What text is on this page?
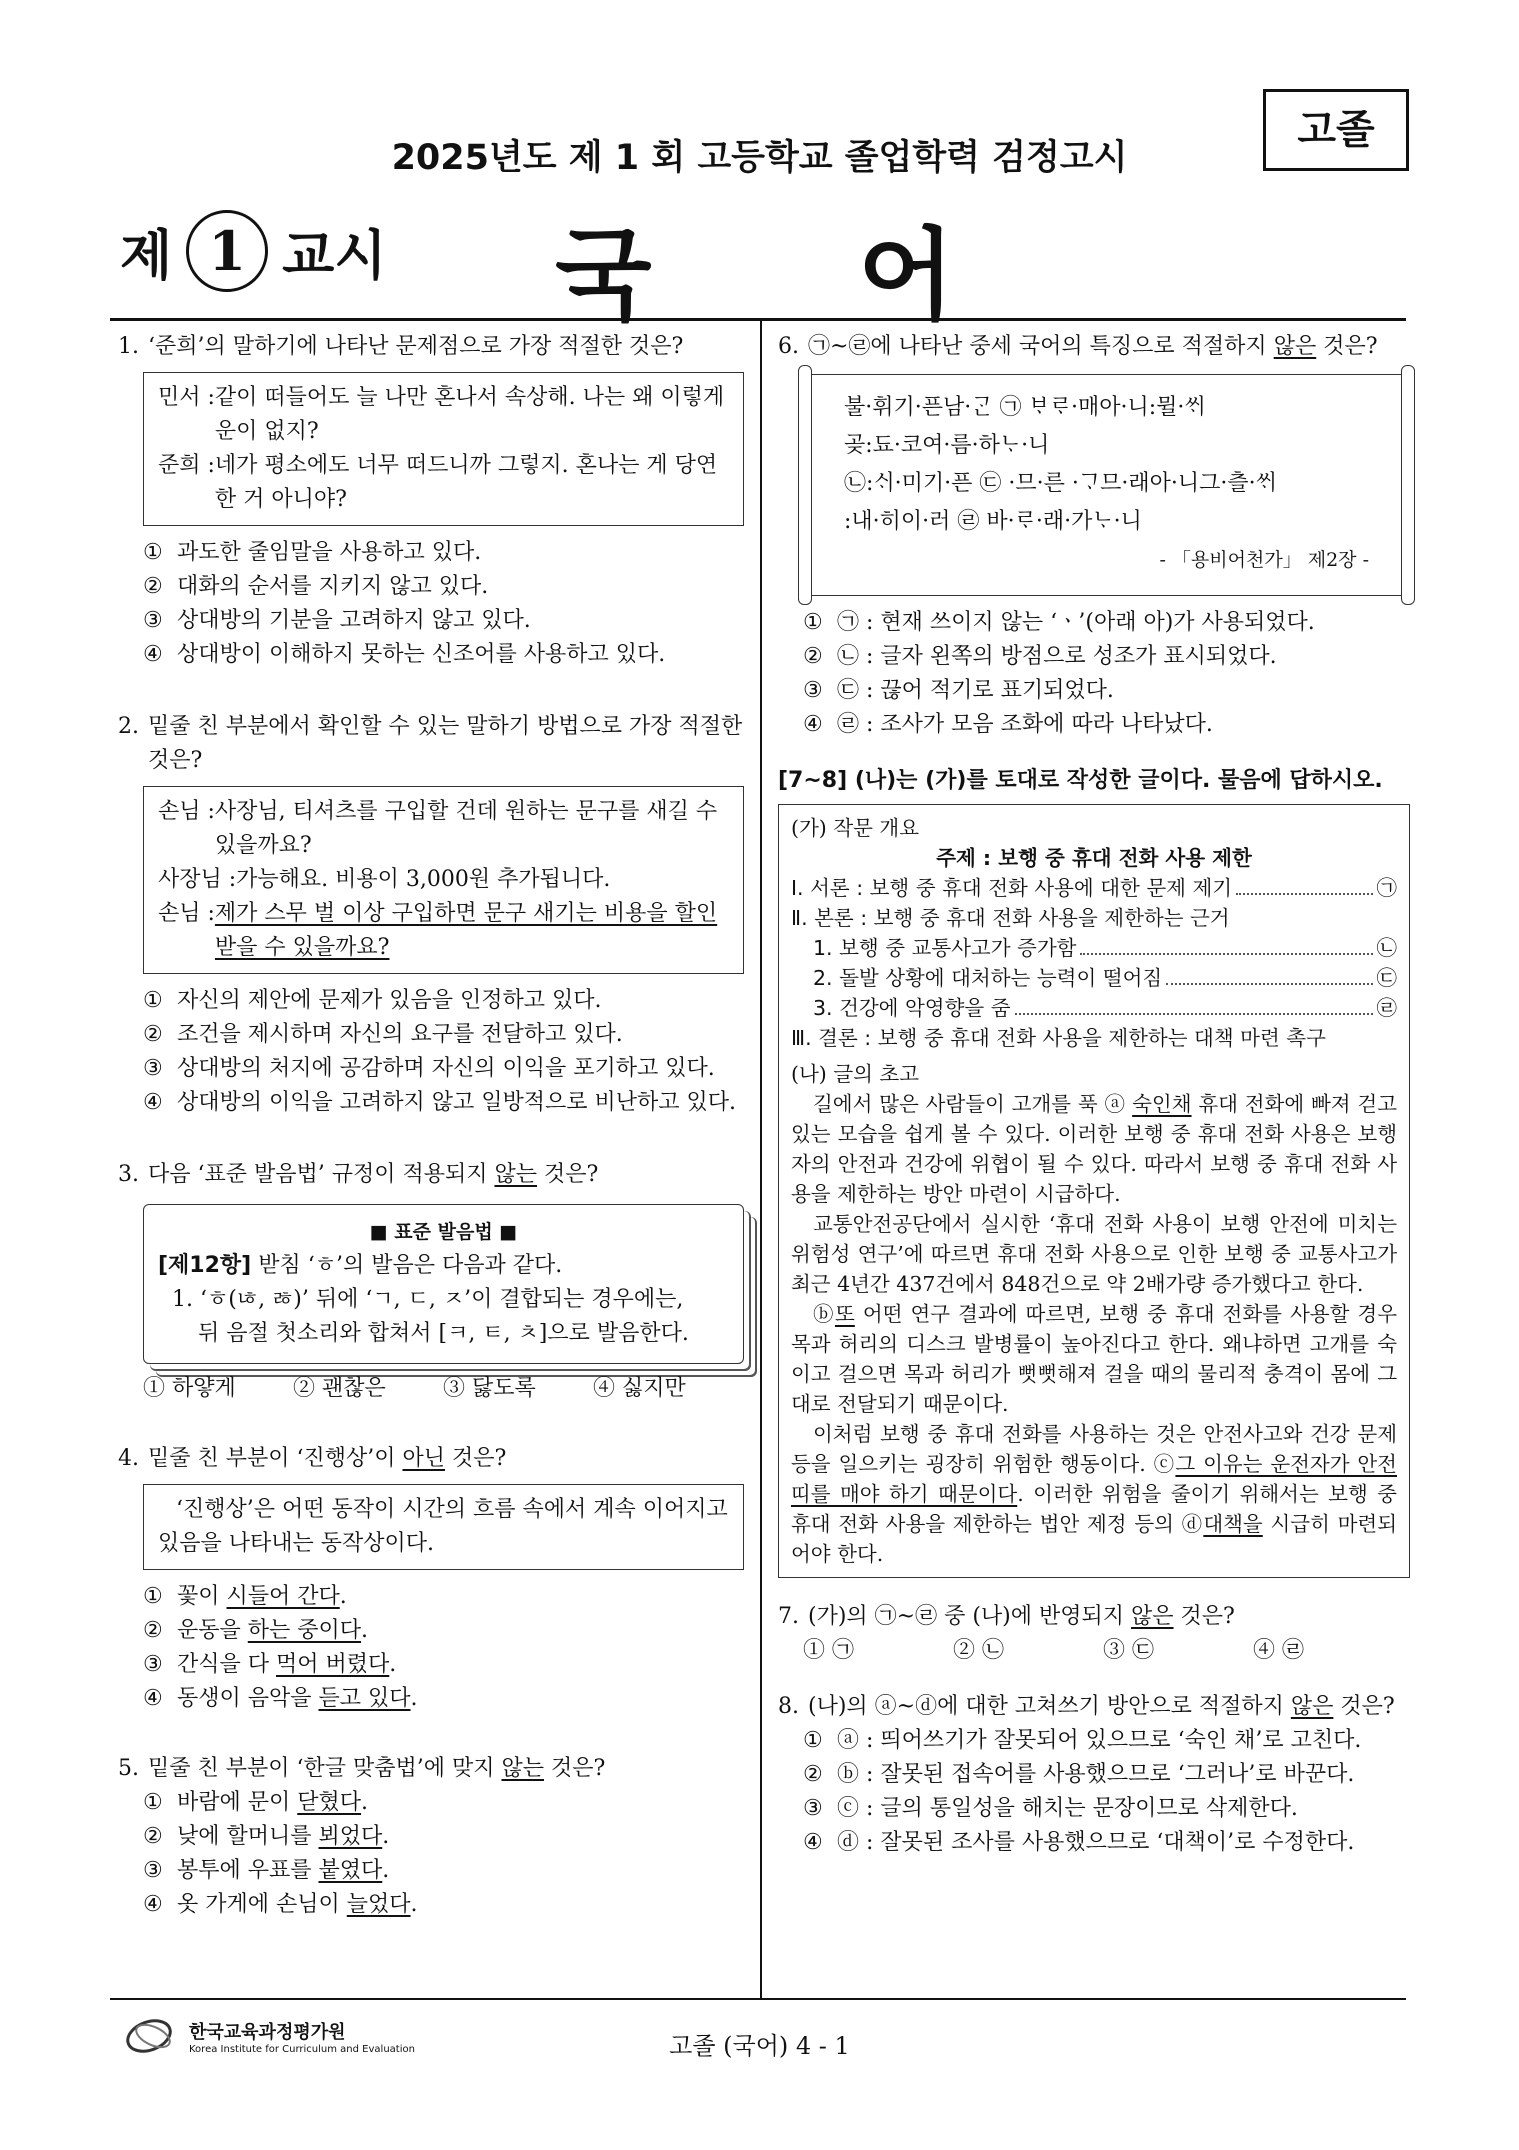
2025년도 제 1 회 고등학교 졸업학력 검정고시
고졸
제 1 교시 국 어
1. ‘준희’의 말하기에 나타난 문제점으로 가장 적절한 것은?
민서 : 같이 떠들어도 늘 나만 혼나서 속상해. 나는 왜 이렇게 운이 없지?
준희 : 네가 평소에도 너무 떠드니까 그렇지. 혼나는 게 당연한 거 아니야?
① 과도한 줄임말을 사용하고 있다.
② 대화의 순서를 지키지 않고 있다.
③ 상대방의 기분을 고려하지 않고 있다.
④ 상대방이 이해하지 못하는 신조어를 사용하고 있다.
2. 밑줄 친 부분에서 확인할 수 있는 말하기 방법으로 가장 적절한 것은?
손님 : 사장님, 티셔츠를 구입할 건데 원하는 문구를 새길 수 있을까요?
사장님 : 가능해요. 비용이 3,000원 추가됩니다.
손님 : 제가 스무 벌 이상 구입하면 문구 새기는 비용을 할인받을 수 있을까요?
① 자신의 제안에 문제가 있음을 인정하고 있다.
② 조건을 제시하며 자신의 요구를 전달하고 있다.
③ 상대방의 처지에 공감하며 자신의 이익을 포기하고 있다.
④ 상대방의 이익을 고려하지 않고 일방적으로 비난하고 있다.
3. 다음 ‘표준 발음법’ 규정이 적용되지 않는 것은?
■ 표준 발음법 ■
[제12항] 받침 ‘ㅎ’의 발음은 다음과 같다.
1. ‘ㅎ(ㄶ, ㅀ)’ 뒤에 ‘ㄱ, ㄷ, ㅈ’이 결합되는 경우에는,
뒤 음절 첫소리와 합쳐서 [ㅋ, ㅌ, ㅊ]으로 발음한다.
① 하얗게	② 괜찮은	③ 닳도록	④ 싫지만
4. 밑줄 친 부분이 ‘진행상’이 아닌 것은?
‘진행상’은 어떤 동작이 시간의 흐름 속에서 계속 이어지고 있음을 나타내는 동작상이다.
① 꽃이 시들어 간다.
② 운동을 하는 중이다.
③ 간식을 다 먹어 버렸다.
④ 동생이 음악을 듣고 있다.
5. 밑줄 친 부분이 ‘한글 맞춤법’에 맞지 않는 것은?
① 바람에 문이 닫혔다.
② 낮에 할머니를 뵈었다.
③ 봉투에 우표를 붙였다.
④ 옷 가게에 손님이 늘었다.
6. ㉠~㉣에 나타난 중세 국어의 특징으로 적절하지 않은 것은?
불·휘기·픈남·ᄀᆞᆫ ㉠ ᄇᆞᄅᆞ·매아·니:뮐·ᄊᆡ
곶:됴·코여·름·하ᄂᆞ·니
㉡:ᄉᆡ·미기·픈 ㉢ ·므·른 ·ᄀᆞ므·래아·니그·츨·ᄊᆡ
:내·히이·러 ㉣ 바·ᄅᆞ·래·가ᄂᆞ·니
- 「용비어천가」 제2장 -
① ㉠ : 현재 쓰이지 않는 ‘ㆍ’(아래 아)가 사용되었다.
② ㉡ : 글자 왼쪽의 방점으로 성조가 표시되었다.
③ ㉢ : 끊어 적기로 표기되었다.
④ ㉣ : 조사가 모음 조화에 따라 나타났다.
[7~8] (나)는 (가)를 토대로 작성한 글이다. 물음에 답하시오.
(가) 작문 개요
주제 : 보행 중 휴대 전화 사용 제한
Ⅰ. 서론 : 보행 중 휴대 전화 사용에 대한 문제 제기	㉠
Ⅱ. 본론 : 보행 중 휴대 전화 사용을 제한하는 근거
1. 보행 중 교통사고가 증가함	㉡
2. 돌발 상황에 대처하는 능력이 떨어짐	㉢
3. 건강에 악영향을 줌	㉣
Ⅲ. 결론 : 보행 중 휴대 전화 사용을 제한하는 대책 마련 촉구
(나) 글의 초고

길에서 많은 사람들이 고개를 푹 ⓐ 숙인채 휴대 전화에 빠져 걷고 있는 모습을 쉽게 볼 수 있다. 이러한 보행 중 휴대 전화 사용은 보행자의 안전과 건강에 위협이 될 수 있다. 따라서 보행 중 휴대 전화 사용을 제한하는 방안 마련이 시급하다.

교통안전공단에서 실시한 ‘휴대 전화 사용이 보행 안전에 미치는 위험성 연구’에 따르면 휴대 전화 사용으로 인한 보행 중 교통사고가 최근 4년간 437건에서 848건으로 약 2배가량 증가했다고 한다.

ⓑ또 어떤 연구 결과에 따르면, 보행 중 휴대 전화를 사용할 경우 목과 허리의 디스크 발병률이 높아진다고 한다. 왜냐하면 고개를 숙이고 걸으면 목과 허리가 뻣뻣해져 걸을 때의 물리적 충격이 몸에 그대로 전달되기 때문이다.

이처럼 보행 중 휴대 전화를 사용하는 것은 안전사고와 건강 문제 등을 일으키는 굉장히 위험한 행동이다. ⓒ그 이유는 운전자가 안전띠를 매야 하기 때문이다. 이러한 위험을 줄이기 위해서는 보행 중 휴대 전화 사용을 제한하는 법안 제정 등의 ⓓ대책을 시급히 마련되어야 한다.

7. (가)의 ㉠~㉣ 중 (나)에 반영되지 않은 것은?
① ㉠	② ㉡	③ ㉢	④ ㉣
8. (나)의 ⓐ~ⓓ에 대한 고쳐쓰기 방안으로 적절하지 않은 것은?
① ⓐ : 띄어쓰기가 잘못되어 있으므로 ‘숙인 채’로 고친다.
② ⓑ : 잘못된 접속어를 사용했으므로 ‘그러나’로 바꾼다.
③ ⓒ : 글의 통일성을 해치는 문장이므로 삭제한다.
④ ⓓ : 잘못된 조사를 사용했으므로 ‘대책이’로 수정한다.
한국교육과정평가원
Korea Institute for Curriculum and Evaluation	고졸 (국어) 4 - 1
